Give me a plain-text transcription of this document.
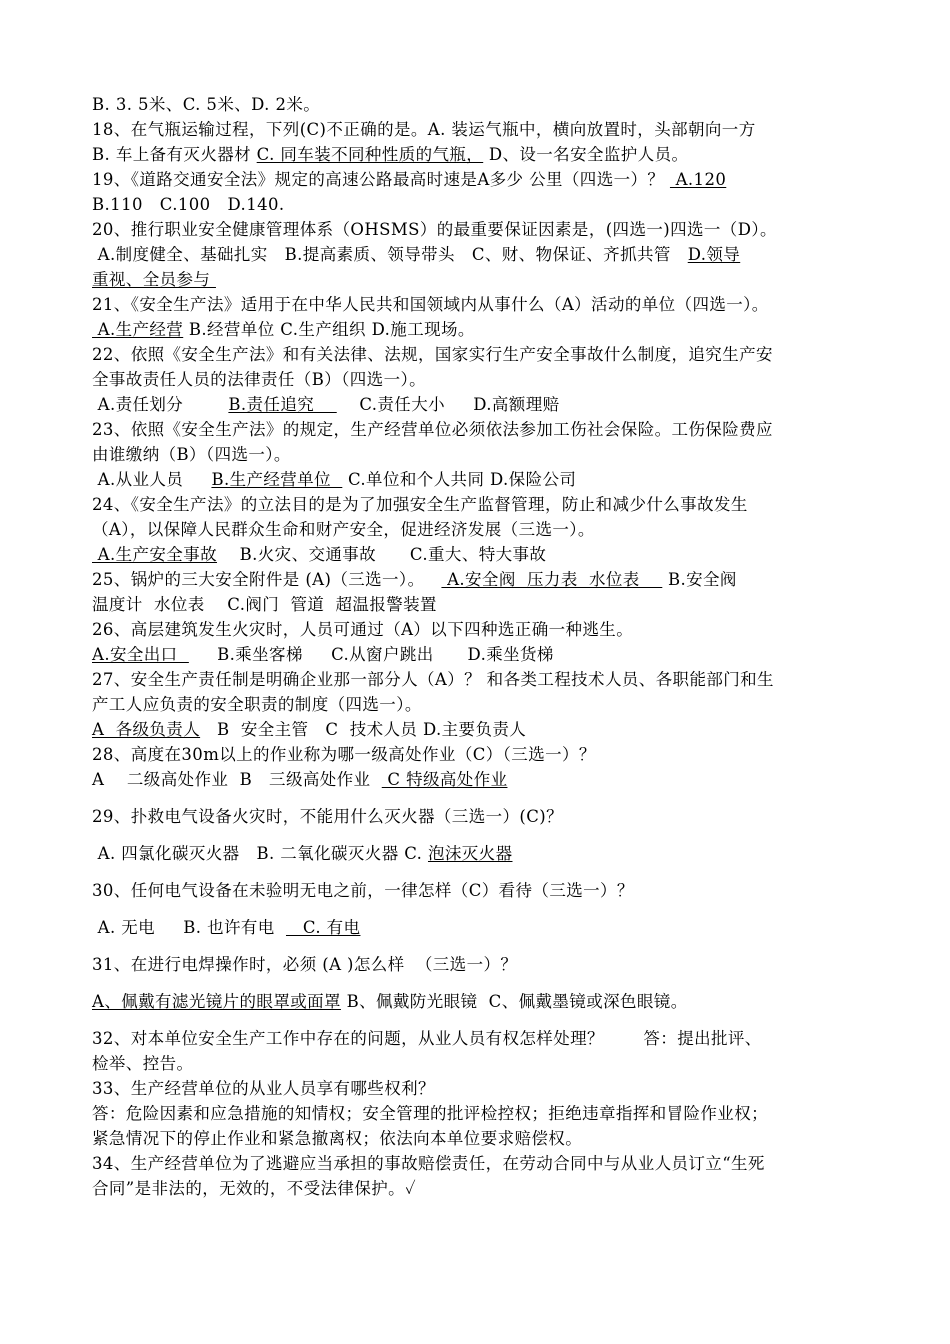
B. 3. 5米、C. 5米、D. 2米。
18、在气瓶运输过程，下列(C)不正确的是。A. 装运气瓶中，横向放置时，头部朝向一方
B. 车上备有灭火器材 C. 同车装不同种性质的气瓶， D、设一名安全监护人员。
19、《道路交通安全法》规定的高速公路最高时速是A多少 公里（四选一）？  A.120
B.110   C.100   D.140.
20、推行职业安全健康管理体系（OHSMS）的最重要保证因素是，(四选一)四选一（D）。
A.制度健全、基础扎实   B.提高素质、领导带头   C、财、物保证、齐抓共管   D.领导
重视、全员参与
21、《安全生产法》适用于在中华人民共和国领域内从事什么（A）活动的单位（四选一）。
A.生产经营 B.经营单位 C.生产组织 D.施工现场。
22、依照《安全生产法》和有关法律、法规，国家实行生产安全事故什么制度，追究生产安
全事故责任人员的法律责任（B）（四选一）。
A.责任划分        B.责任追究        C.责任大小     D.高额理赔
23、依照《安全生产法》的规定，生产经营单位必须依法参加工伤社会保险。工伤保险费应
由谁缴纳（B）（四选一）。
A.从业人员     B.生产经营单位   C.单位和个人共同 D.保险公司
24、《安全生产法》的立法目的是为了加强安全生产监督管理，防止和减少什么事故发生
（A），以保障人民群众生命和财产安全，促进经济发展（三选一）。
A.生产安全事故    B.火灾、交通事故      C.重大、特大事故
25、锅炉的三大安全附件是 (A)（三选一）。    A.安全阀  压力表  水位表     B.安全阀
温度计  水位表    C.阀门  管道  超温报警装置
26、高层建筑发生火灾时，人员可通过（A）以下四种选正确一种逃生。
A.安全出口       B.乘坐客梯     C.从窗户跳出      D.乘坐货梯
27、安全生产责任制是明确企业那一部分人（A）？ 和各类工程技术人员、各职能部门和生
产工人应负责的安全职责的制度（四选一）。
A  各级负责人   B  安全主管   C  技术人员 D.主要负责人
28、高度在30m以上的作业称为哪一级高处作业（C）（三选一）？
A    二级高处作业  B   三级高处作业   C 特级高处作业
29、扑救电气设备火灾时，不能用什么灭火器（三选一）(C)？
A. 四氯化碳灭火器   B. 二氧化碳灭火器 C. 泡沫灭火器
30、任何电气设备在未验明无电之前，一律怎样（C）看待（三选一）？
A. 无电     B. 也许有电     C. 有电
31、在进行电焊操作时，必须 (A )怎么样  （三选一）？
A、佩戴有滤光镜片的眼罩或面罩 B、佩戴防光眼镜  C、佩戴墨镜或深色眼镜。
32、对本单位安全生产工作中存在的问题，从业人员有权怎样处理？       答：提出批评、
检举、控告。
33、生产经营单位的从业人员享有哪些权利？
答：危险因素和应急措施的知情权；安全管理的批评检控权；拒绝违章指挥和冒险作业权；
紧急情况下的停止作业和紧急撤离权；依法向本单位要求赔偿权。
34、生产经营单位为了逃避应当承担的事故赔偿责任，在劳动合同中与从业人员订立“生死
合同”是非法的，无效的，不受法律保护。✓
